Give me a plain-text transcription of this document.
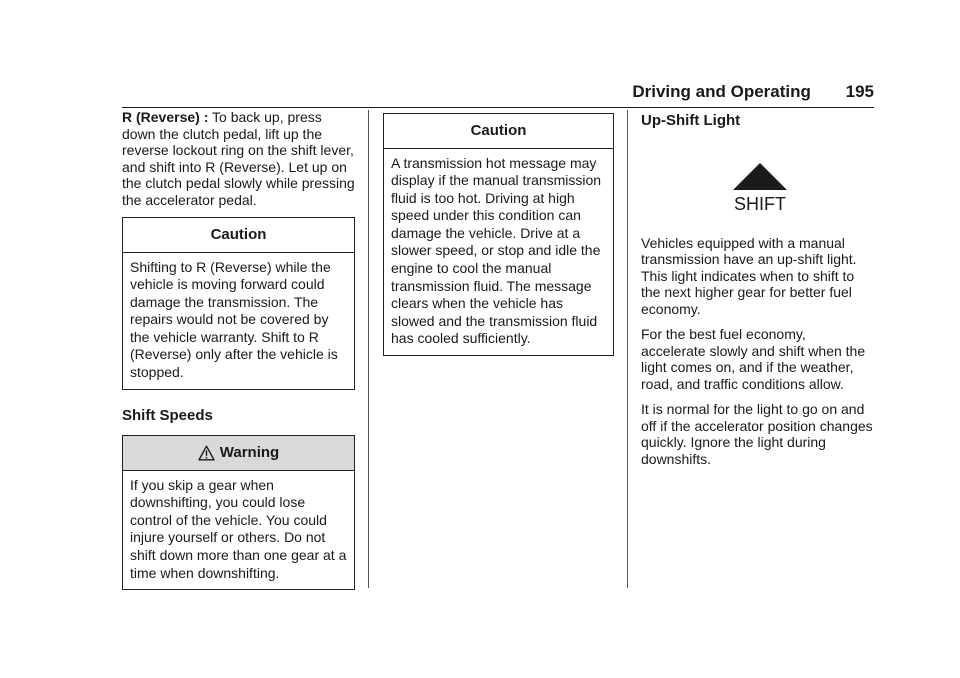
Driving and Operating 195

R (Reverse) : To back up, press down the clutch pedal, lift up the reverse lockout ring on the shift lever, and shift into R (Reverse). Let up on the clutch pedal slowly while pressing the accelerator pedal.

Caution
Shifting to R (Reverse) while the vehicle is moving forward could damage the transmission. The repairs would not be covered by the vehicle warranty. Shift to R (Reverse) only after the vehicle is stopped.
Shift Speeds
Warning
If you skip a gear when downshifting, you could lose control of the vehicle. You could injure yourself or others. Do not shift down more than one gear at a time when downshifting.
Caution
A transmission hot message may display if the manual transmission fluid is too hot. Driving at high speed under this condition can damage the vehicle. Drive at a slower speed, or stop and idle the engine to cool the manual transmission fluid. The message clears when the vehicle has slowed and the transmission fluid has cooled sufficiently.
Up-Shift Light
SHIFT

Vehicles equipped with a manual transmission have an up-shift light. This light indicates when to shift to the next higher gear for better fuel economy.

For the best fuel economy, accelerate slowly and shift when the light comes on, and if the weather, road, and traffic conditions allow.

It is normal for the light to go on and off if the accelerator position changes quickly. Ignore the light during downshifts.
